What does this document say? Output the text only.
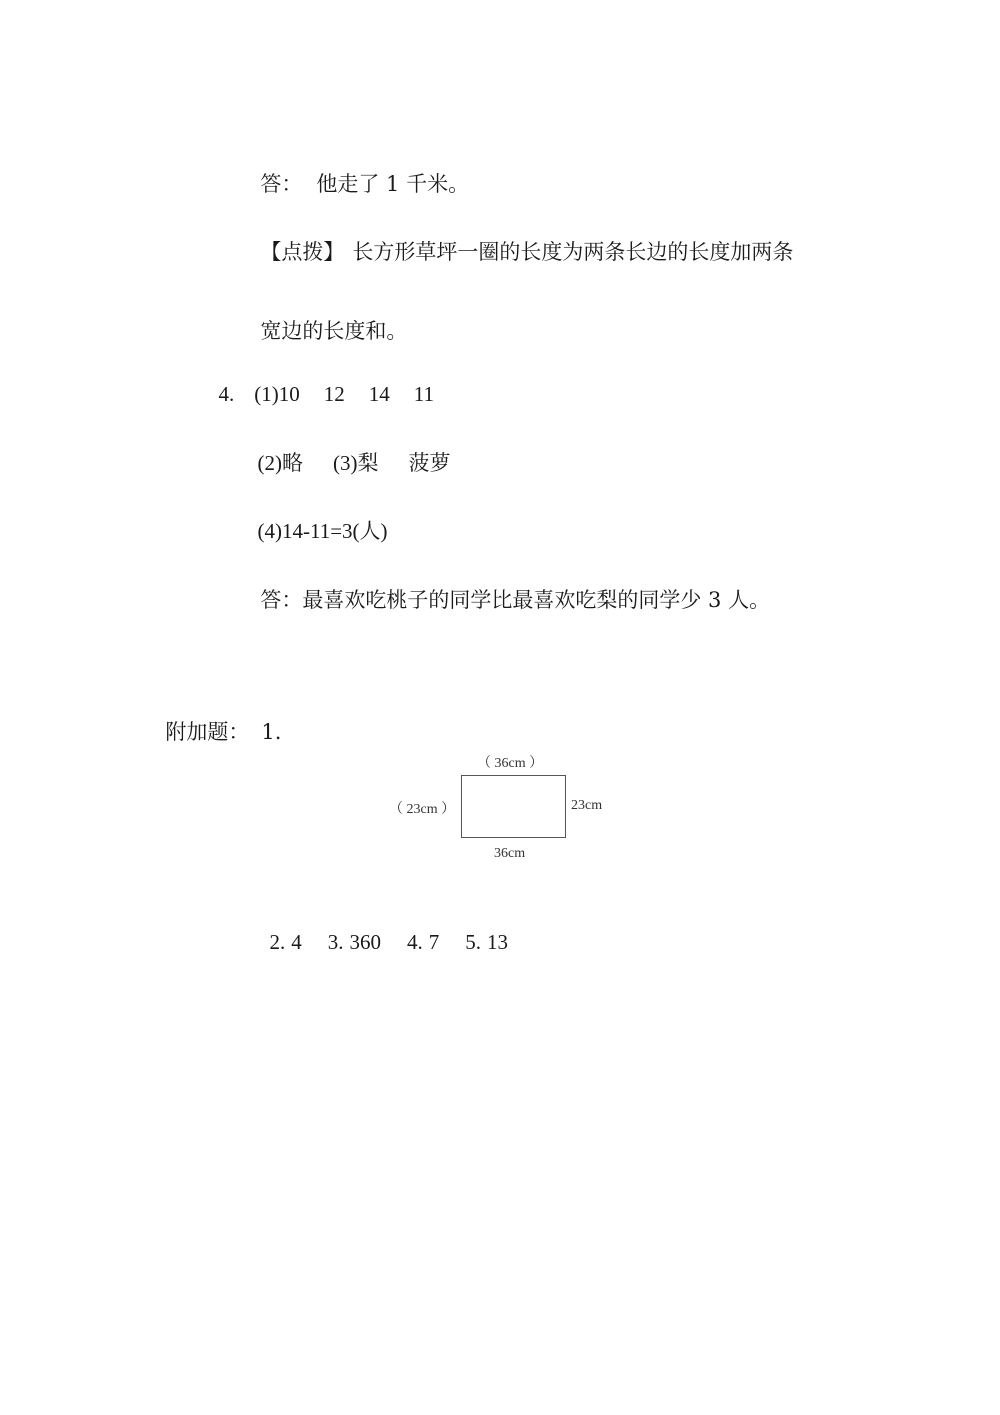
答： 他走了 1 千米。

【点拨】 长方形草坪一圈的长度为两条长边的长度加两条

宽边的长度和。

4. (1)10 12 14 11

(2)略 (3)梨 菠萝

(4)14-11=3(人)

答：最喜欢吃桃子的同学比最喜欢吃梨的同学少 3 人。

附加题： 1.

（ 36cm ）
（ 23cm ）	23cm
36cm

2. 4 3. 360 4. 7 5. 13
